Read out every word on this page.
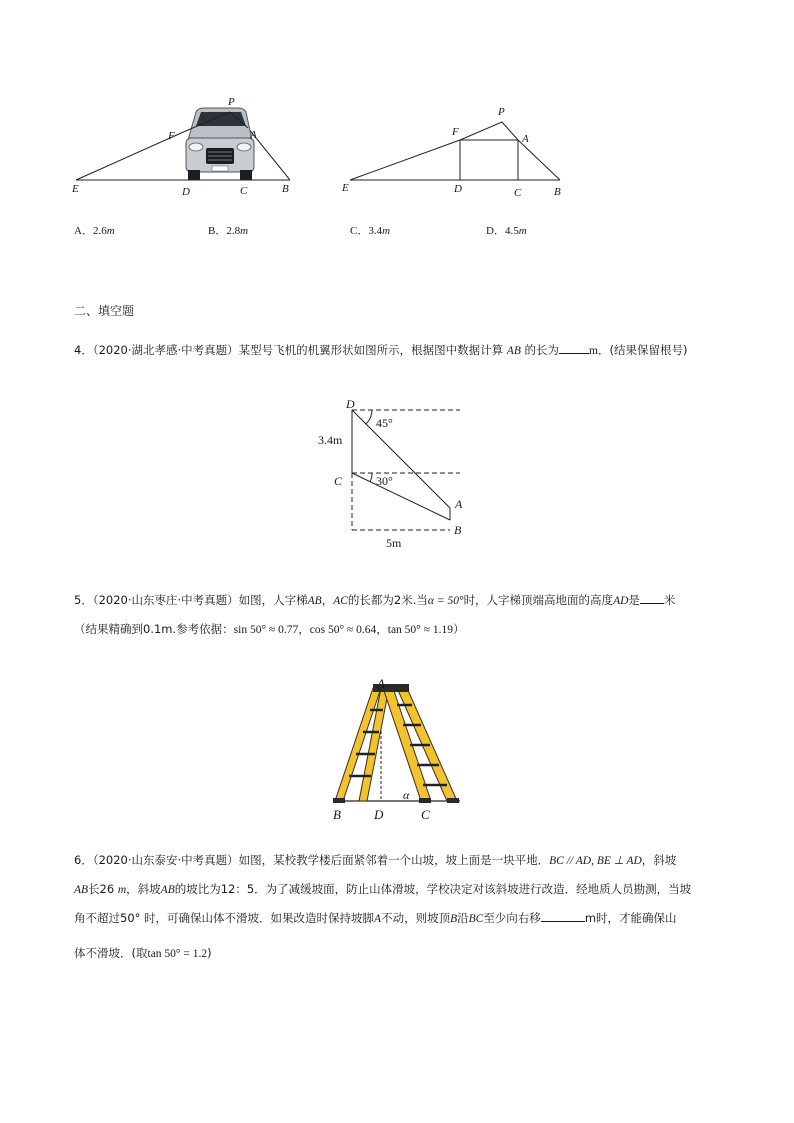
P
F	A
E	D	C	B
P
F
A
E	D	C	B
A．2.6m	B．2.8m	C．3.4m	D．4.5m
二、填空题
4．（2020·湖北孝感·中考真题）某型号飞机的机翼形状如图所示，根据图中数据计算 AB 的长为	m．(结果保留根号)
D
C
A
B
45°
30°
3.4m
5m
5．（2020·山东枣庄·中考真题）如图，人字梯AB，AC的长都为2米.当α = 50°时，人字梯顶端高地面的高度AD是 米
（结果精确到0.1m.参考依据：sin 50° ≈ 0.77，cos 50° ≈ 0.64，tan 50° ≈ 1.19）
A
B	D	C
α
6．（2020·山东泰安·中考真题）如图，某校教学楼后面紧邻着一个山坡，坡上面是一块平地．BC // AD, BE ⊥ AD，斜坡
AB长26 m，斜坡AB的坡比为12：5．为了减缓坡面，防止山体滑坡，学校决定对该斜坡进行改造．经地质人员勘测，当坡
角不超过50° 时，可确保山体不滑坡．如果改造时保持坡脚A不动，则坡顶B沿BC至少向右移	m时，才能确保山
体不滑坡．(取tan 50° = 1.2)
